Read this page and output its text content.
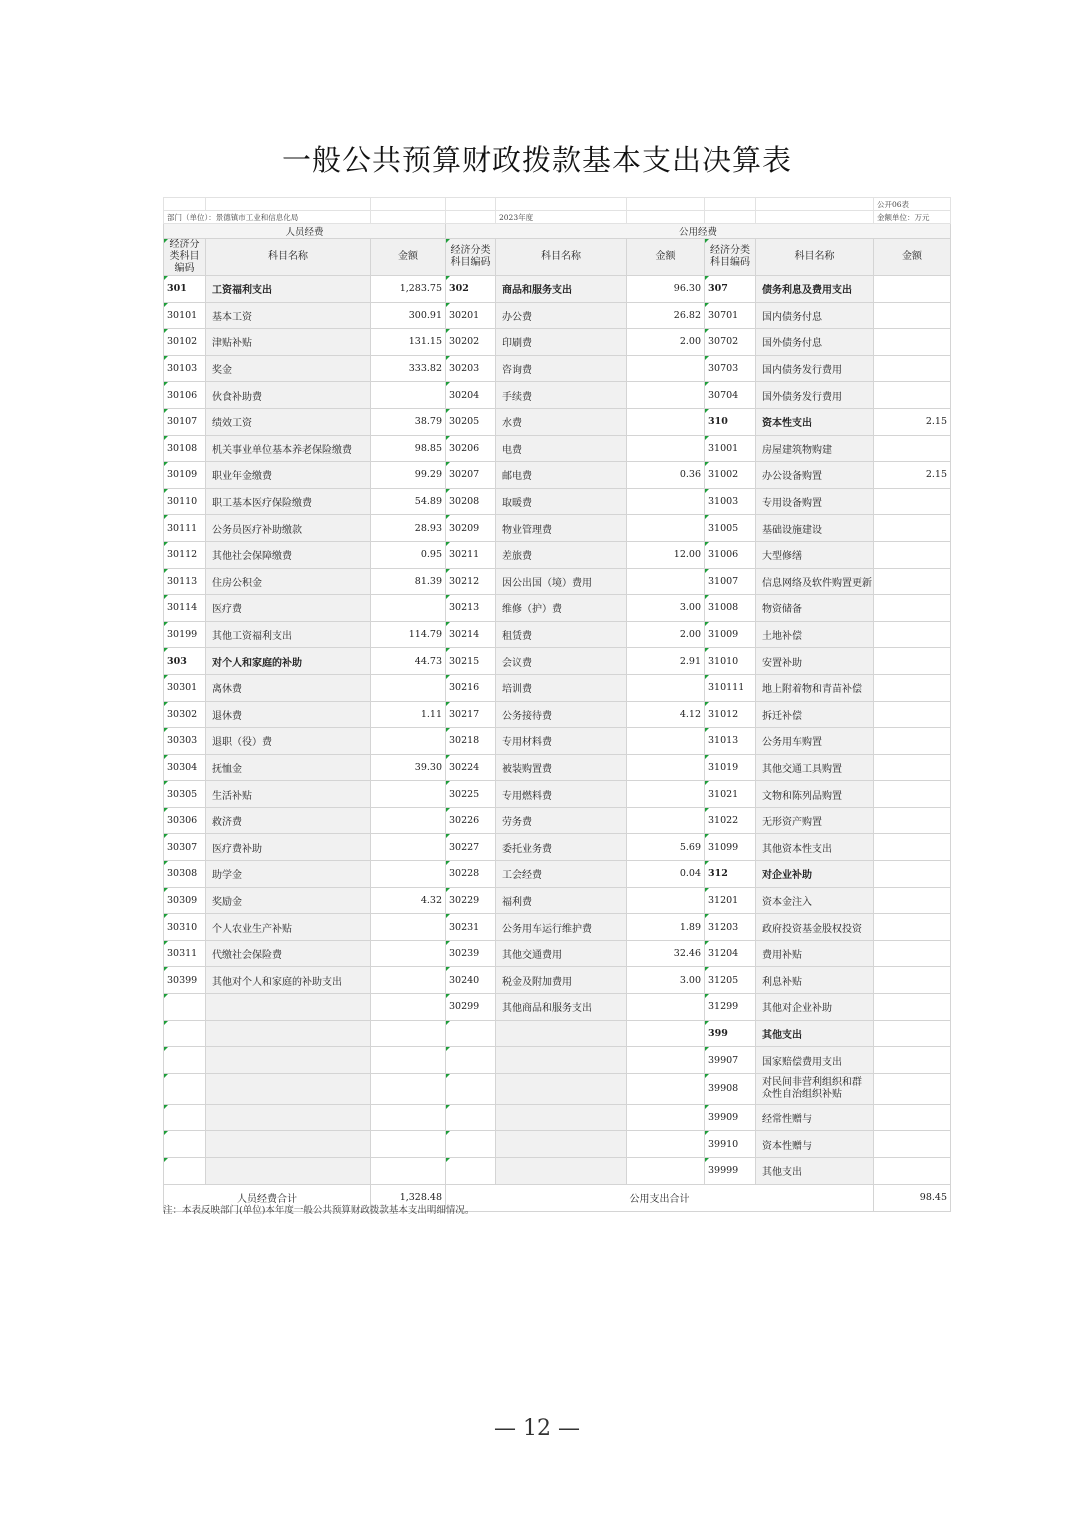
一般公共预算财政拨款基本支出决算表
								公开06表
部门（单位）：景德镇市工业和信息化局				2023年度				金额单位：万元
人员经费			公用经费					
经济分类科目编码	科目名称	金额	经济分类科目编码	科目名称	金额	经济分类科目编码	科目名称	金额
301	工资福利支出	1,283.75	302	商品和服务支出	96.30	307	债务利息及费用支出	
30101	基本工资	300.91	30201	办公费	26.82	30701	国内债务付息	
30102	津贴补贴	131.15	30202	印刷费	2.00	30702	国外债务付息	
30103	奖金	333.82	30203	咨询费		30703	国内债务发行费用	
30106	伙食补助费		30204	手续费		30704	国外债务发行费用	
30107	绩效工资	38.79	30205	水费		310	资本性支出	2.15
30108	机关事业单位基本养老保险缴费	98.85	30206	电费		31001	房屋建筑物购建	
30109	职业年金缴费	99.29	30207	邮电费	0.36	31002	办公设备购置	2.15
30110	职工基本医疗保险缴费	54.89	30208	取暖费		31003	专用设备购置	
30111	公务员医疗补助缴款	28.93	30209	物业管理费		31005	基础设施建设	
30112	其他社会保障缴费	0.95	30211	差旅费	12.00	31006	大型修缮	
30113	住房公积金	81.39	30212	因公出国（境）费用		31007	信息网络及软件购置更新	
30114	医疗费		30213	维修（护）费	3.00	31008	物资储备	
30199	其他工资福利支出	114.79	30214	租赁费	2.00	31009	土地补偿	
303	对个人和家庭的补助	44.73	30215	会议费	2.91	31010	安置补助	
30301	离休费		30216	培训费		310111	地上附着物和青苗补偿	
30302	退休费	1.11	30217	公务接待费	4.12	31012	拆迁补偿	
30303	退职（役）费		30218	专用材料费		31013	公务用车购置	
30304	抚恤金	39.30	30224	被装购置费		31019	其他交通工具购置	
30305	生活补贴		30225	专用燃料费		31021	文物和陈列品购置	
30306	救济费		30226	劳务费		31022	无形资产购置	
30307	医疗费补助		30227	委托业务费	5.69	31099	其他资本性支出	
30308	助学金		30228	工会经费	0.04	312	对企业补助	
30309	奖励金	4.32	30229	福利费		31201	资本金注入	
30310	个人农业生产补贴		30231	公务用车运行维护费	1.89	31203	政府投资基金股权投资	
30311	代缴社会保险费		30239	其他交通费用	32.46	31204	费用补贴	
30399	其他对个人和家庭的补助支出		30240	税金及附加费用	3.00	31205	利息补贴	
			30299	其他商品和服务支出		31299	其他对企业补助	
						399	其他支出	
						39907	国家赔偿费用支出	
						39908	对民间非营利组织和群众性自治组织补贴	
						39909	经常性赠与	
						39910	资本性赠与	
						39999	其他支出	
人员经费合计		1,328.48	公用支出合计					98.45
注：本表反映部门(单位)本年度一般公共预算财政拨款基本支出明细情况。
— 12 —
